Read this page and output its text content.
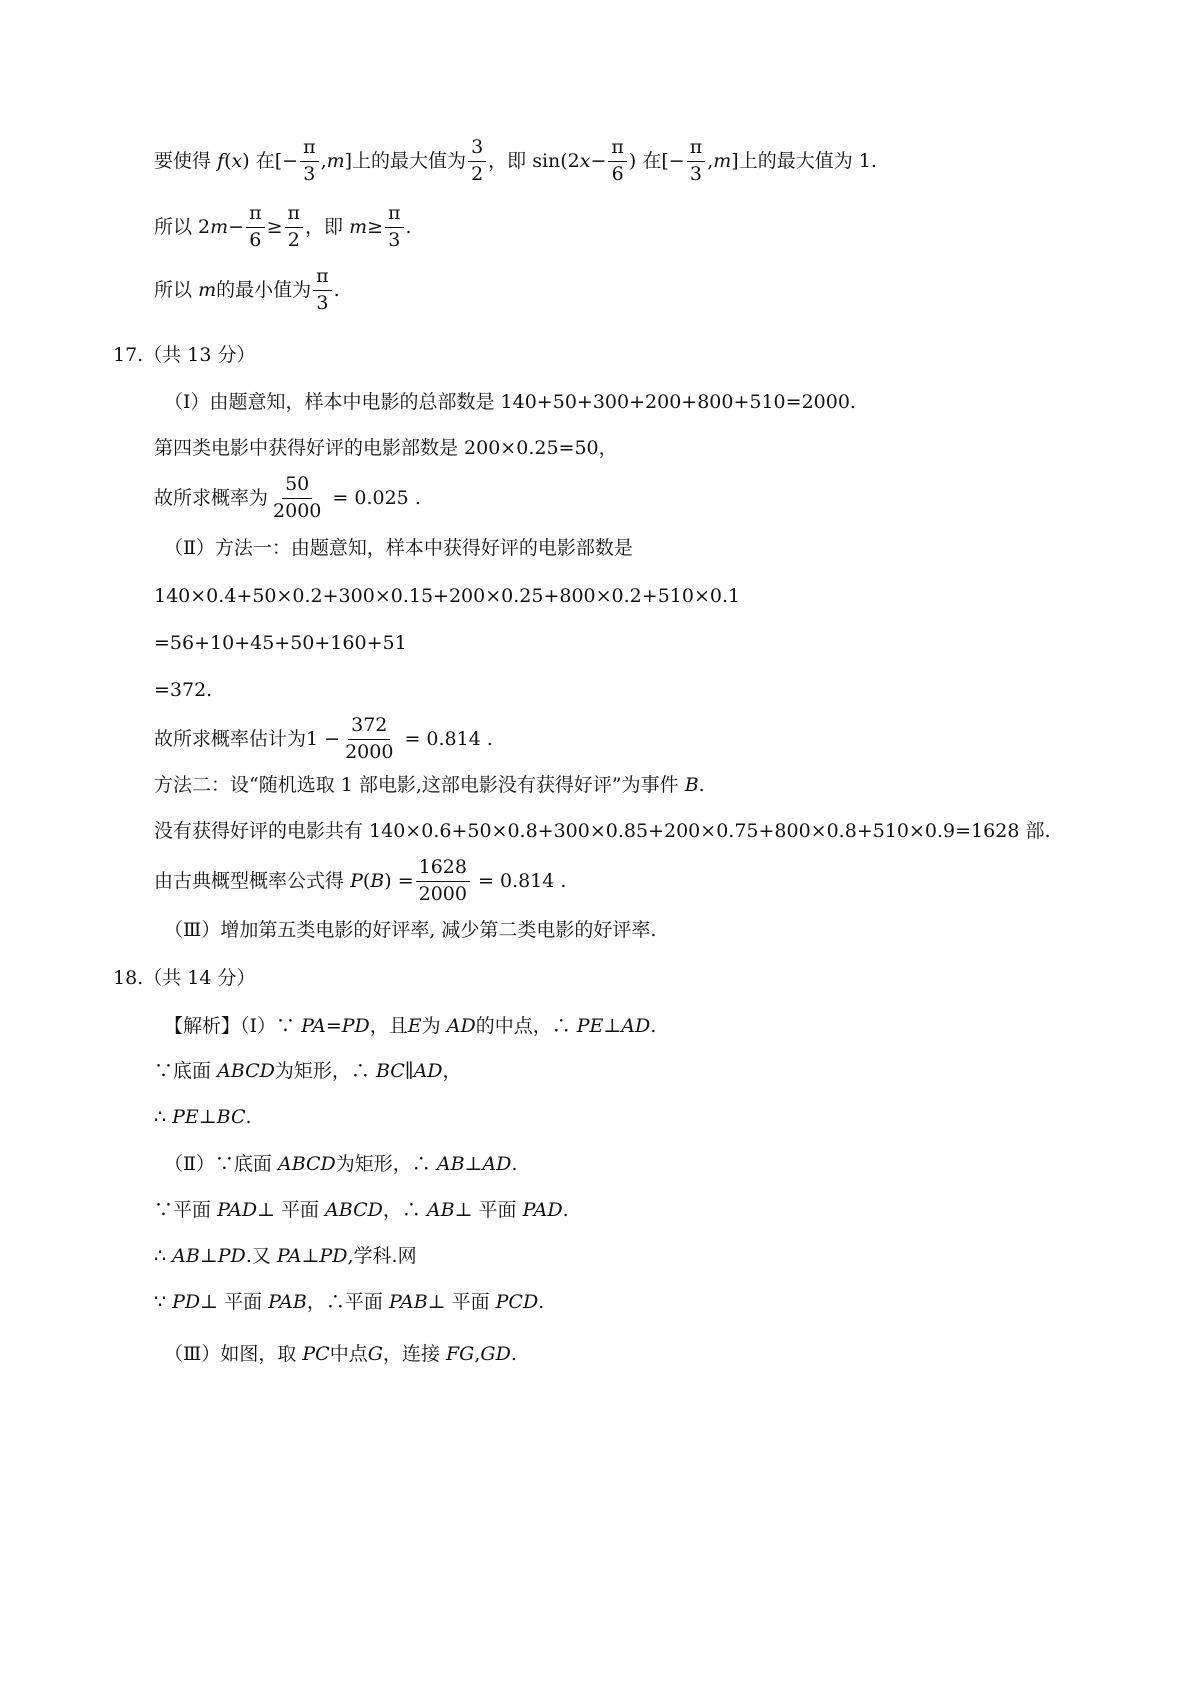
要使得
f ( x )
在[− $\frac{\pi}{3}$ , m ]上的最大值为 $\frac{3}{2}$ ，即 sin(2 $x - \frac{\pi}{6}$ ) 在[− $\frac{\pi}{3}$ , m ]上的最大值为 1.
所以 2 $m - \frac{\pi}{6} \ge \frac{\pi}{2}$ ，即
$m \ge \frac{\pi}{3}$ .
所以
m 的最小值为 $\frac{\pi}{3}$ .
17.（共 13 分）
（Ⅰ）由题意知，样本中电影的总部数是 140+50+300+200+800+510=2000.
第四类电影中获得好评的电影部数是 200×0.25=50，
故所求概率为 $\frac{50}{2000}$
= 0.025 .
（Ⅱ）方法一：由题意知，样本中获得好评的电影部数是
140×0.4+50×0.2+300×0.15+200×0.25+800×0.2+510×0.1
=56+10+45+50+160+51
=372.
故所求概率估计为$1 - \frac{372}{2000}$
= 0.814 .
方法二：设“随机选取 1 部电影,这部电影没有获得好评”为事件
B .
没有获得好评的电影共有 140×0.6+50×0.8+300×0.85+200×0.75+800×0.8+510×0.9=1628 部.
由古典概型概率公式得
P ( B ) = $\frac{1628}{2000}$
= 0.814 .
（Ⅲ）增加第五类电影的好评率, 减少第二类电影的好评率.
18.（共 14 分）
【解析】（Ⅰ）∵
PA = PD ，且 E 为
AD 的中点，∴
PE ⊥ AD .
∵底面
ABCD 为矩形，∴
BC ∥ AD ，
∴
PE ⊥ BC .
（Ⅱ）∵底面
ABCD 为矩形，∴
AB ⊥ AD .
∵平面
PAD ⊥ 平面
ABCD ，∴
AB ⊥ 平面
PAD .
∴
AB ⊥ PD .又
PA ⊥ PD ,学科.网
∵
PD ⊥ 平面
PAB ，∴平面
PAB ⊥ 平面
PCD .
（Ⅲ）如图，取
PC 中点 G ，连接
FG , GD .
